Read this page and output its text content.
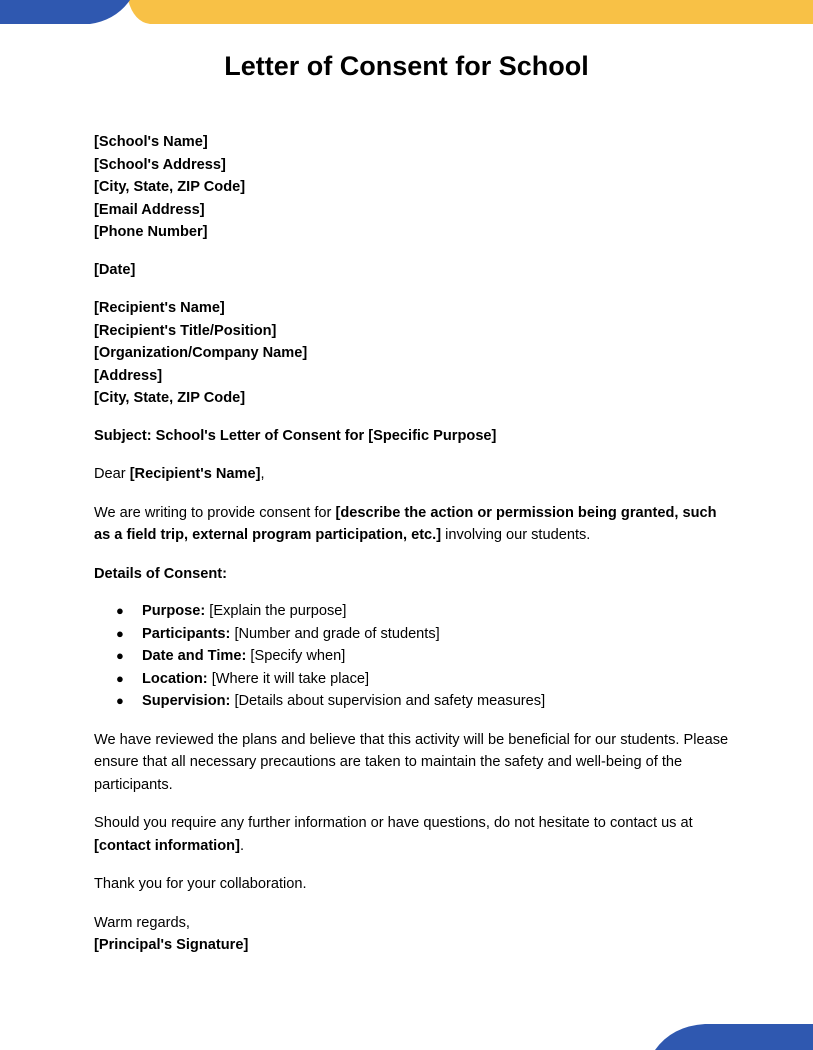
Letter of Consent for School
[School's Name]
[School's Address]
[City, State, ZIP Code]
[Email Address]
[Phone Number]
[Date]
[Recipient's Name]
[Recipient's Title/Position]
[Organization/Company Name]
[Address]
[City, State, ZIP Code]
Subject: School's Letter of Consent for [Specific Purpose]
Dear [Recipient's Name],
We are writing to provide consent for [describe the action or permission being granted, such as a field trip, external program participation, etc.] involving our students.
Details of Consent:
● Purpose: [Explain the purpose]
● Participants: [Number and grade of students]
● Date and Time: [Specify when]
● Location: [Where it will take place]
● Supervision: [Details about supervision and safety measures]
We have reviewed the plans and believe that this activity will be beneficial for our students. Please ensure that all necessary precautions are taken to maintain the safety and well-being of the participants.
Should you require any further information or have questions, do not hesitate to contact us at [contact information].
Thank you for your collaboration.
Warm regards,
[Principal's Signature]
